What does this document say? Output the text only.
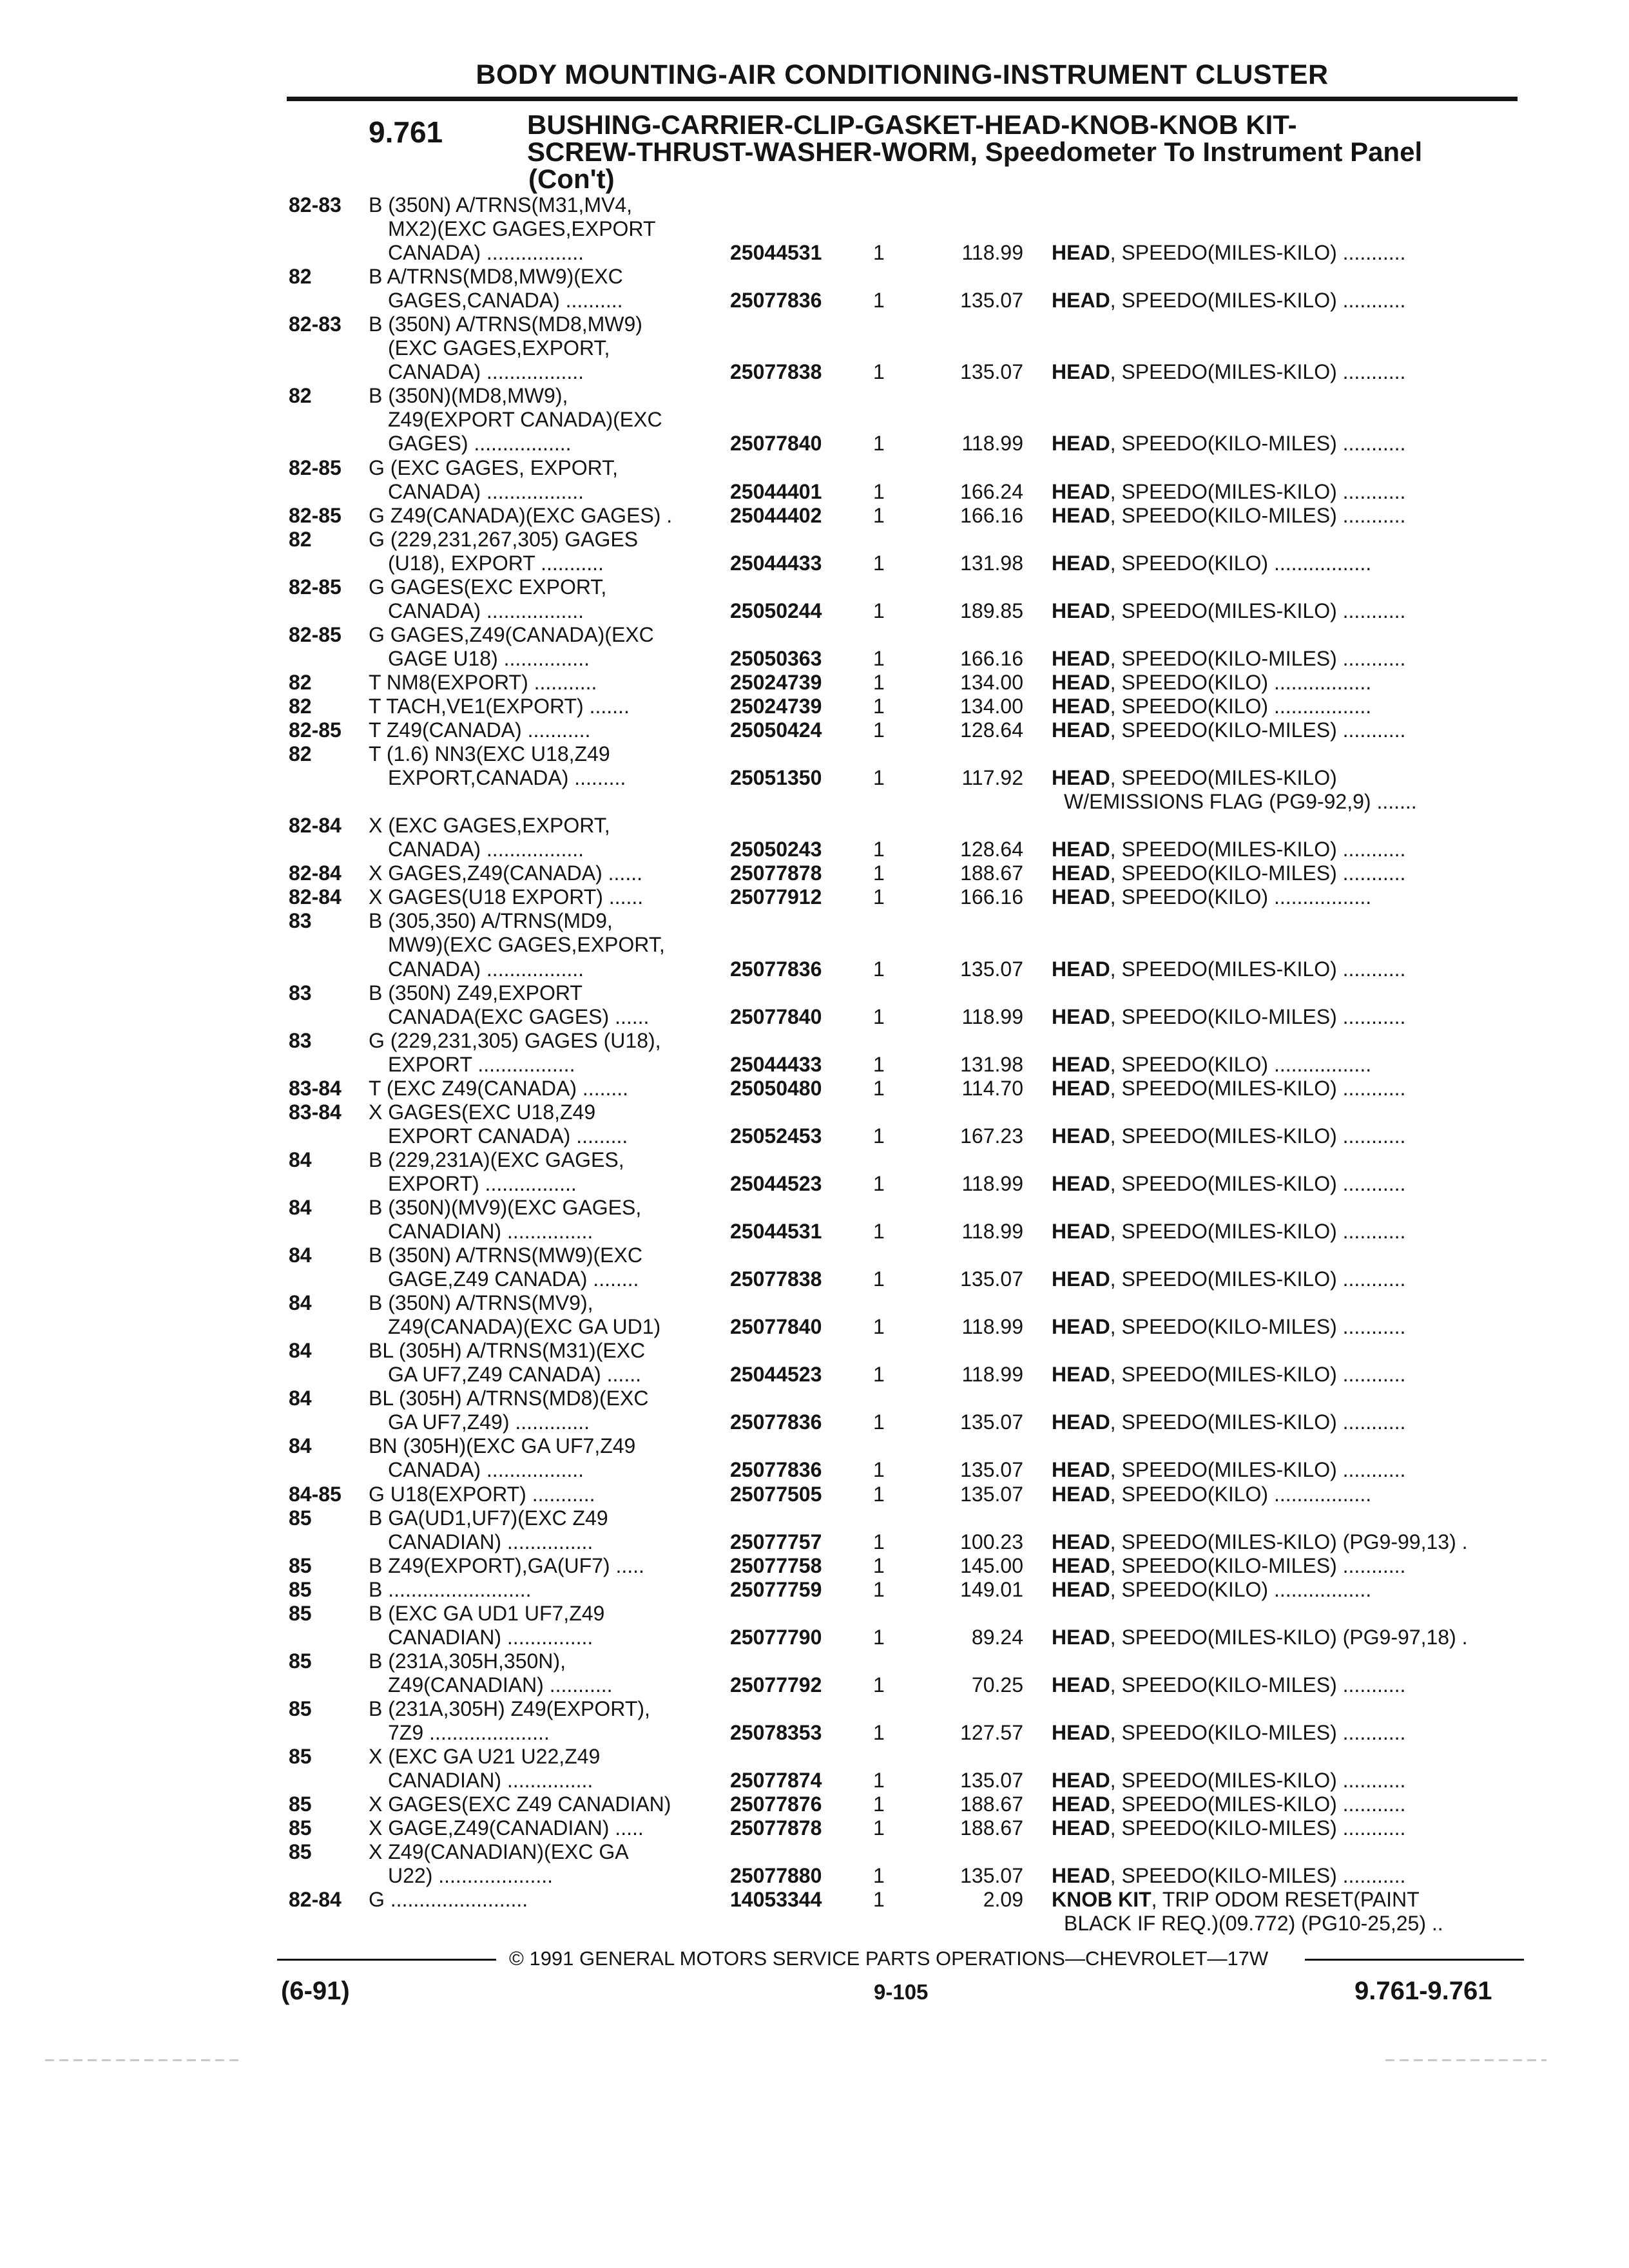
BODY MOUNTING-AIR CONDITIONING-INSTRUMENT CLUSTER
9.761	BUSHING-CARRIER-CLIP-GASKET-HEAD-KNOB-KNOB KIT-
SCREW-THRUST-WASHER-WORM, Speedometer To Instrument Panel
(Con't)
82-83 B (350N) A/TRNS(M31,MV4,
MX2)(EXC GAGES,EXPORT
CANADA) .................	25044531 1	118.99 HEAD, SPEEDO(MILES-KILO) ...........
82	B A/TRNS(MD8,MW9)(EXC
GAGES,CANADA) ..........	25077836 1	135.07 HEAD, SPEEDO(MILES-KILO) ...........
82-83 B (350N) A/TRNS(MD8,MW9)
(EXC GAGES,EXPORT,
CANADA) .................	25077838 1	135.07 HEAD, SPEEDO(MILES-KILO) ...........
82	B (350N)(MD8,MW9),
Z49(EXPORT CANADA)(EXC
GAGES) .................	25077840 1	118.99 HEAD, SPEEDO(KILO-MILES) ...........
82-85 G (EXC GAGES, EXPORT,
CANADA) .................	25044401 1	166.24 HEAD, SPEEDO(MILES-KILO) ...........
82-85 G Z49(CANADA)(EXC GAGES) .	25044402 1	166.16 HEAD, SPEEDO(KILO-MILES) ...........
82	G (229,231,267,305) GAGES
(U18), EXPORT ...........	25044433 1	131.98 HEAD, SPEEDO(KILO) .................
82-85 G GAGES(EXC EXPORT,
CANADA) .................	25050244 1	189.85 HEAD, SPEEDO(MILES-KILO) ...........
82-85 G GAGES,Z49(CANADA)(EXC
GAGE U18) ...............	25050363 1	166.16 HEAD, SPEEDO(KILO-MILES) ...........
82	T NM8(EXPORT) ...........	25024739 1	134.00 HEAD, SPEEDO(KILO) .................
82	T TACH,VE1(EXPORT) .......	25024739 1	134.00 HEAD, SPEEDO(KILO) .................
82-85 T Z49(CANADA) ...........	25050424 1	128.64 HEAD, SPEEDO(KILO-MILES) ...........
82	T (1.6) NN3(EXC U18,Z49
EXPORT,CANADA) .........	25051350 1	117.92 HEAD, SPEEDO(MILES-KILO)
W/EMISSIONS FLAG (PG9-92,9) .......
82-84 X (EXC GAGES,EXPORT,
CANADA) .................	25050243 1	128.64 HEAD, SPEEDO(MILES-KILO) ...........
82-84 X GAGES,Z49(CANADA) ......	25077878 1	188.67 HEAD, SPEEDO(KILO-MILES) ...........
82-84 X GAGES(U18 EXPORT) ......	25077912 1	166.16 HEAD, SPEEDO(KILO) .................
83	B (305,350) A/TRNS(MD9,
MW9)(EXC GAGES,EXPORT,
CANADA) .................	25077836 1	135.07 HEAD, SPEEDO(MILES-KILO) ...........
83	B (350N) Z49,EXPORT
CANADA(EXC GAGES) ......	25077840 1	118.99 HEAD, SPEEDO(KILO-MILES) ...........
83	G (229,231,305) GAGES (U18),
EXPORT .................	25044433 1	131.98 HEAD, SPEEDO(KILO) .................
83-84 T (EXC Z49(CANADA) ........	25050480 1	114.70 HEAD, SPEEDO(MILES-KILO) ...........
83-84 X GAGES(EXC U18,Z49
EXPORT CANADA) .........	25052453 1	167.23 HEAD, SPEEDO(MILES-KILO) ...........
84	B (229,231A)(EXC GAGES,
EXPORT) ................	25044523 1	118.99 HEAD, SPEEDO(MILES-KILO) ...........
84	B (350N)(MV9)(EXC GAGES,
CANADIAN) ...............	25044531 1	118.99 HEAD, SPEEDO(MILES-KILO) ...........
84	B (350N) A/TRNS(MW9)(EXC
GAGE,Z49 CANADA) ........	25077838 1	135.07 HEAD, SPEEDO(MILES-KILO) ...........
84	B (350N) A/TRNS(MV9),
Z49(CANADA)(EXC GA UD1)	25077840 1	118.99 HEAD, SPEEDO(KILO-MILES) ...........
84	BL (305H) A/TRNS(M31)(EXC
GA UF7,Z49 CANADA) ......	25044523 1	118.99 HEAD, SPEEDO(MILES-KILO) ...........
84	BL (305H) A/TRNS(MD8)(EXC
GA UF7,Z49) .............	25077836 1	135.07 HEAD, SPEEDO(MILES-KILO) ...........
84	BN (305H)(EXC GA UF7,Z49
CANADA) .................	25077836 1	135.07 HEAD, SPEEDO(MILES-KILO) ...........
84-85 G U18(EXPORT) ...........	25077505 1	135.07 HEAD, SPEEDO(KILO) .................
85	B GA(UD1,UF7)(EXC Z49
CANADIAN) ...............	25077757 1	100.23 HEAD, SPEEDO(MILES-KILO) (PG9-99,13) .
85	B Z49(EXPORT),GA(UF7) .....	25077758 1	145.00 HEAD, SPEEDO(KILO-MILES) ...........
85	B .........................	25077759 1	149.01 HEAD, SPEEDO(KILO) .................
85	B (EXC GA UD1 UF7,Z49
CANADIAN) ...............	25077790 1	89.24 HEAD, SPEEDO(MILES-KILO) (PG9-97,18) .
85	B (231A,305H,350N),
Z49(CANADIAN) ...........	25077792 1	70.25 HEAD, SPEEDO(KILO-MILES) ...........
85	B (231A,305H) Z49(EXPORT),
7Z9 .....................	25078353 1	127.57 HEAD, SPEEDO(KILO-MILES) ...........
85	X (EXC GA U21 U22,Z49
CANADIAN) ...............	25077874 1	135.07 HEAD, SPEEDO(MILES-KILO) ...........
85	X GAGES(EXC Z49 CANADIAN)	25077876 1	188.67 HEAD, SPEEDO(MILES-KILO) ...........
85	X GAGE,Z49(CANADIAN) .....	25077878 1	188.67 HEAD, SPEEDO(KILO-MILES) ...........
85	X Z49(CANADIAN)(EXC GA
U22) ....................	25077880 1	135.07 HEAD, SPEEDO(KILO-MILES) ...........
82-84 G ........................	14053344 1	2.09 KNOB KIT, TRIP ODOM RESET(PAINT
BLACK IF REQ.)(09.772) (PG10-25,25) ..
© 1991 GENERAL MOTORS SERVICE PARTS OPERATIONS—CHEVROLET—17W
(6-91)	9-105	9.761-9.761
